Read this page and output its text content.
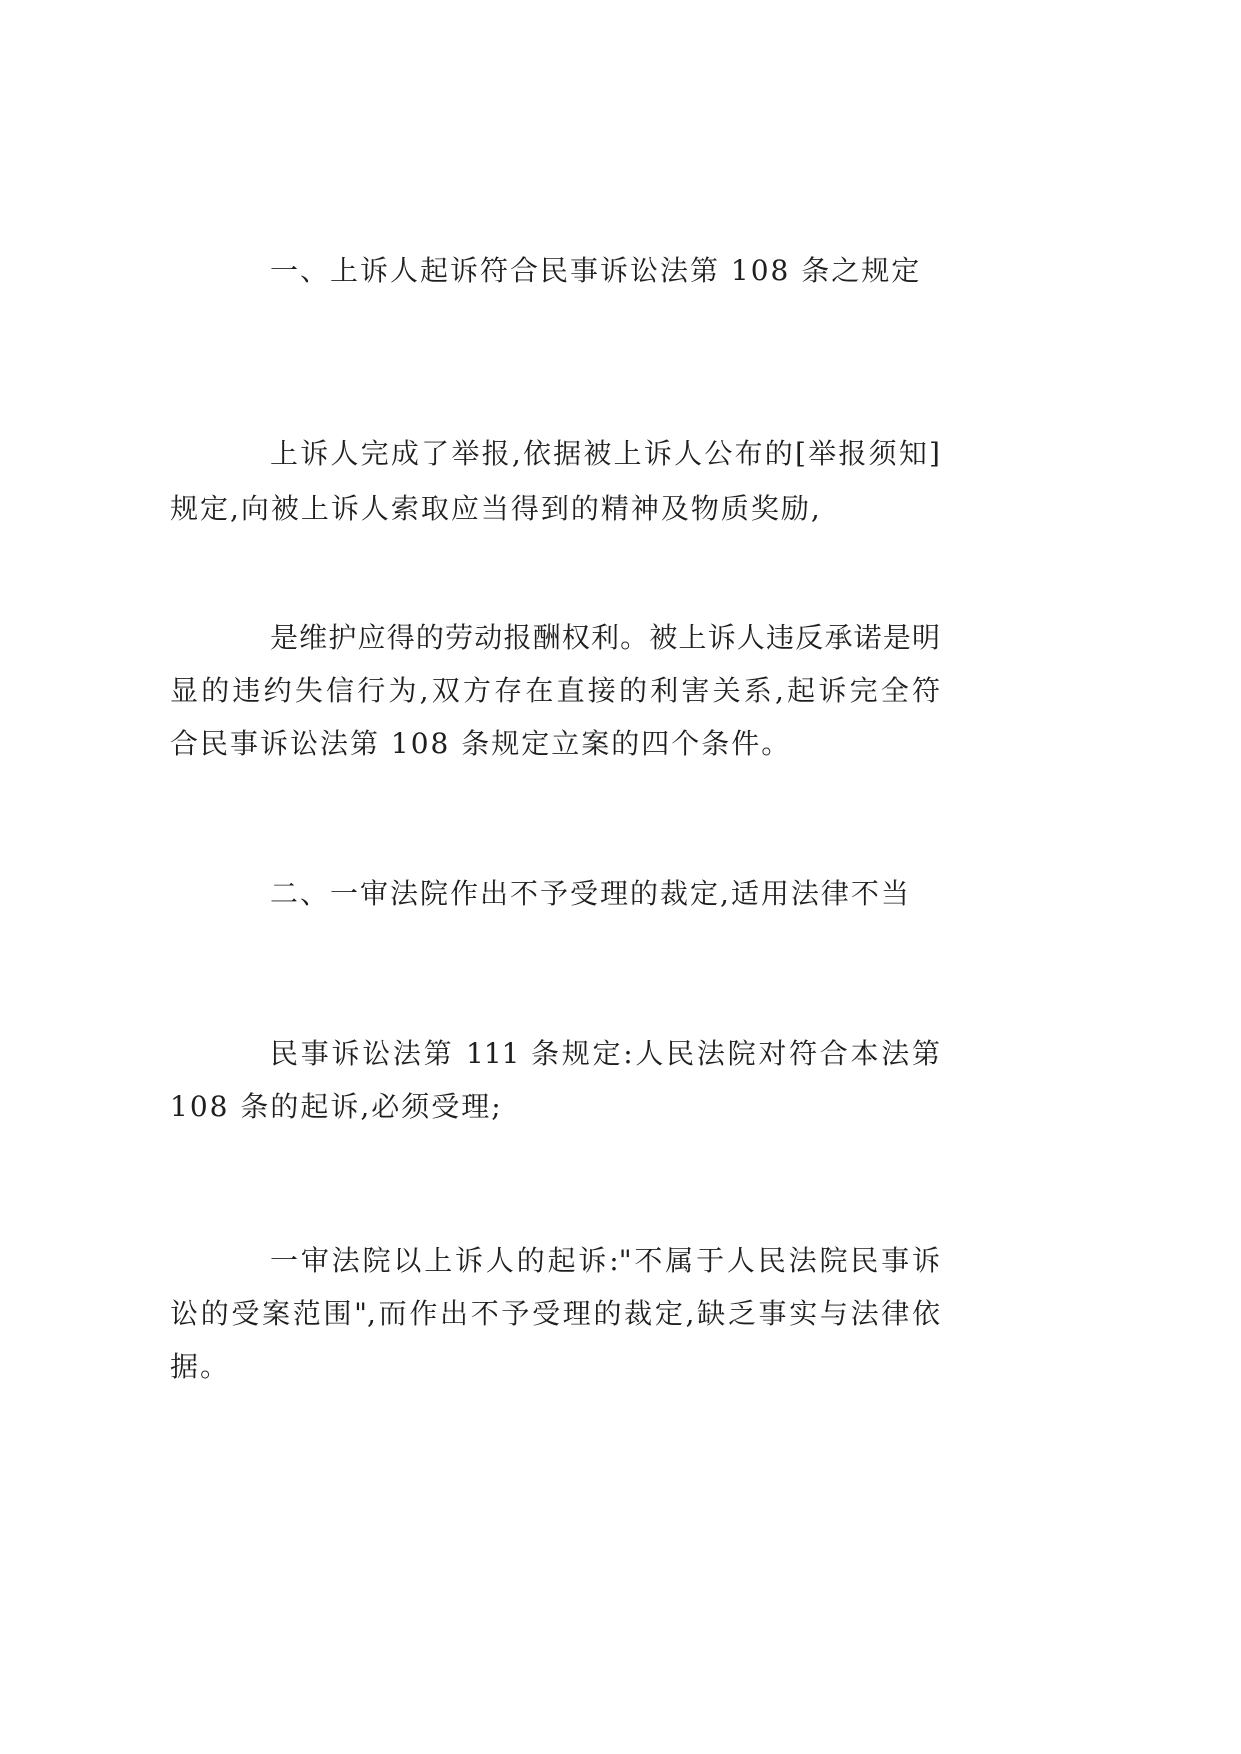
一、上诉人起诉符合民事诉讼法第 108 条之规定
上诉人完成了举报,依据被上诉人公布的[举报须知]
规定,向被上诉人索取应当得到的精神及物质奖励,
是维护应得的劳动报酬权利。被上诉人违反承诺是明
显的违约失信行为,双方存在直接的利害关系,起诉完全符
合民事诉讼法第 108 条规定立案的四个条件。
二、一审法院作出不予受理的裁定,适用法律不当
民事诉讼法第 111 条规定:人民法院对符合本法第
108 条的起诉,必须受理;
一审法院以上诉人的起诉:"不属于人民法院民事诉
讼的受案范围",而作出不予受理的裁定,缺乏事实与法律依
据。
